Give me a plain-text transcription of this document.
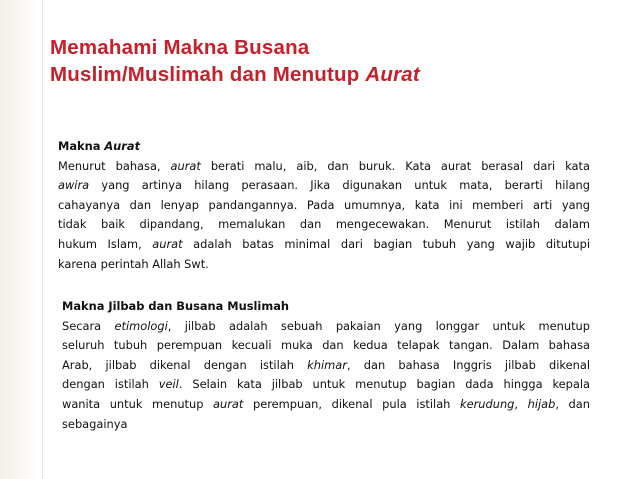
Memahami Makna Busana
Muslim/Muslimah dan Menutup Aurat
Makna Aurat
Menurut bahasa, aurat berati malu, aib, dan buruk. Kata aurat berasal dari kata
awira yang artinya hilang perasaan. Jika digunakan untuk mata, berarti hilang
cahayanya dan lenyap pandangannya. Pada umumnya, kata ini memberi arti yang
tidak baik dipandang, memalukan dan mengecewakan. Menurut istilah dalam
hukum Islam, aurat adalah batas minimal dari bagian tubuh yang wajib ditutupi
karena perintah Allah Swt.
Makna Jilbab dan Busana Muslimah
Secara etimologi, jilbab adalah sebuah pakaian yang longgar untuk menutup
seluruh tubuh perempuan kecuali muka dan kedua telapak tangan. Dalam bahasa
Arab, jilbab dikenal dengan istilah khimar, dan bahasa Inggris jilbab dikenal
dengan istilah veil. Selain kata jilbab untuk menutup bagian dada hingga kepala
wanita untuk menutup aurat perempuan, dikenal pula istilah kerudung, hijab, dan
sebagainya
